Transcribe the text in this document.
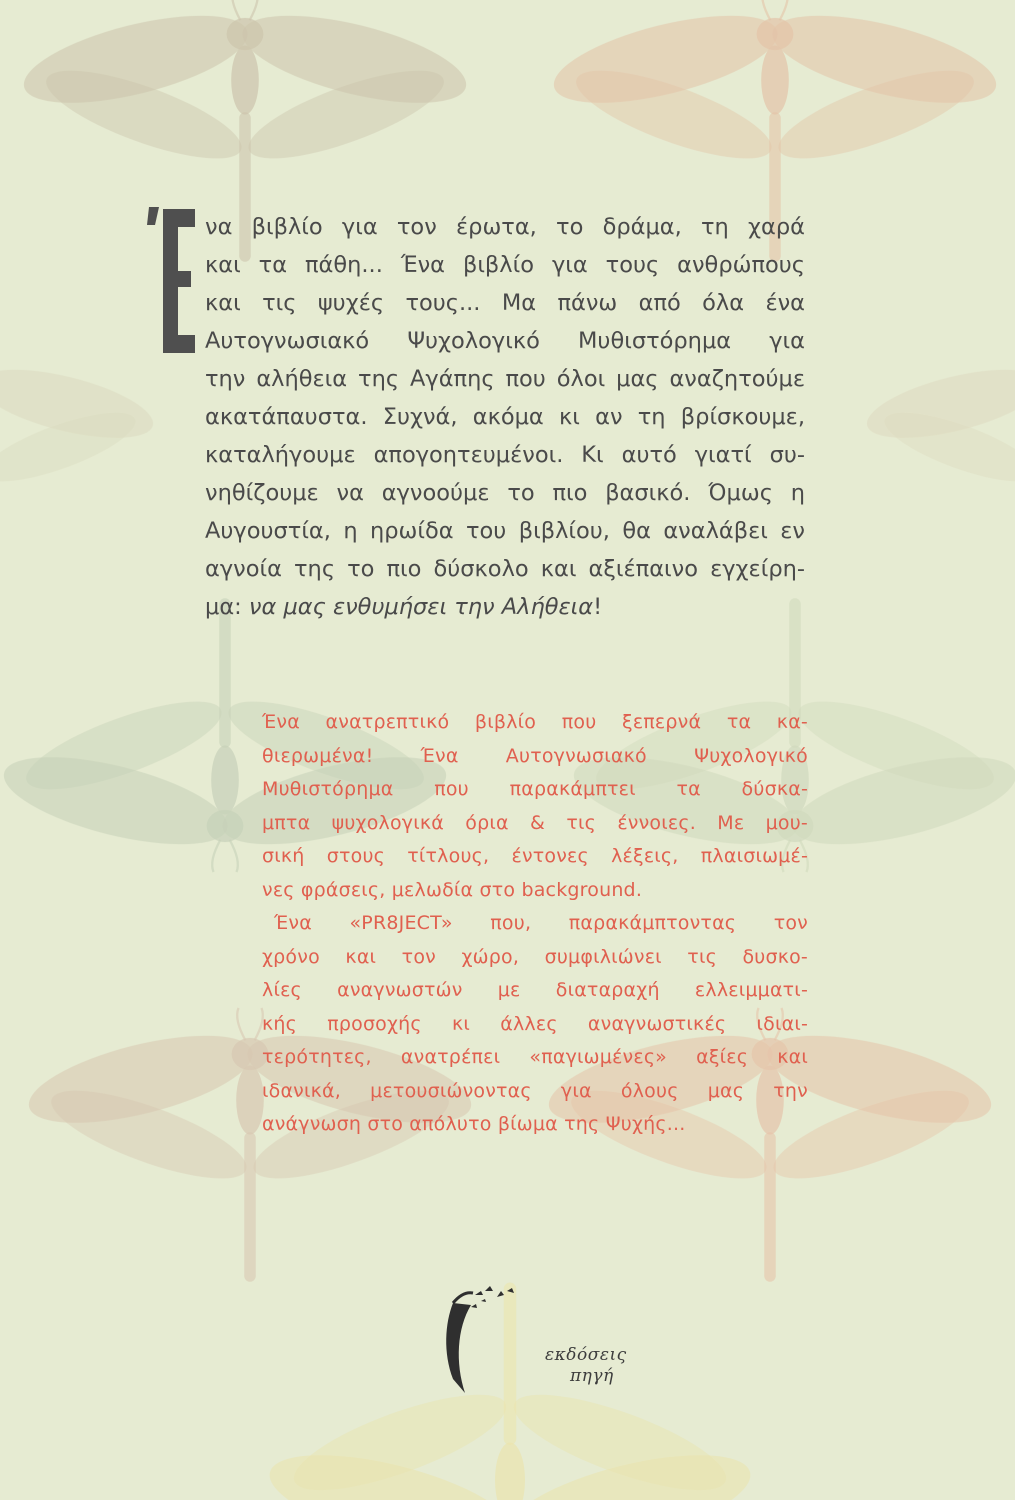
να βιβλίο για τον έρωτα, το δράμα, τη χαρά
και τα πάθη... Ένα βιβλίο για τους ανθρώπους
και τις ψυχές τους... Μα πάνω από όλα ένα
Αυτογνωσιακό Ψυχολογικό Μυθιστόρημα για
την αλήθεια της Αγάπης που όλοι μας αναζητούμε
ακατάπαυστα. Συχνά, ακόμα κι αν τη βρίσκουμε,
καταλήγουμε απογοητευμένοι. Κι αυτό γιατί συ-
νηθίζουμε να αγνοούμε το πιο βασικό. Όμως η
Αυγουστία, η ηρωίδα του βιβλίου, θα αναλάβει εν
αγνοία της το πιο δύσκολο και αξιέπαινο εγχείρη-
μα: να μας ενθυμήσει την Αλήθεια!

Ένα ανατρεπτικό βιβλίο που ξεπερνά τα κα-
θιερωμένα! Ένα Αυτογνωσιακό Ψυχολογικό
Μυθιστόρημα που παρακάμπτει τα δύσκα-
μπτα ψυχολογικά όρια & τις έννοιες. Με μου-
σική στους τίτλους, έντονες λέξεις, πλαισιωμέ-
νες φράσεις, μελωδία στο background.
Ένα «PR8JECT» που, παρακάμπτοντας τον
χρόνο και τον χώρο, συμφιλιώνει τις δυσκο-
λίες αναγνωστών με διαταραχή ελλειμματι-
κής προσοχής κι άλλες αναγνωστικές ιδιαι-
τερότητες, ανατρέπει «παγιωμένες» αξίες και
ιδανικά, μετουσιώνοντας για όλους μας την
ανάγνωση στο απόλυτο βίωμα της Ψυχής...
εκδόσεις
πηγή
